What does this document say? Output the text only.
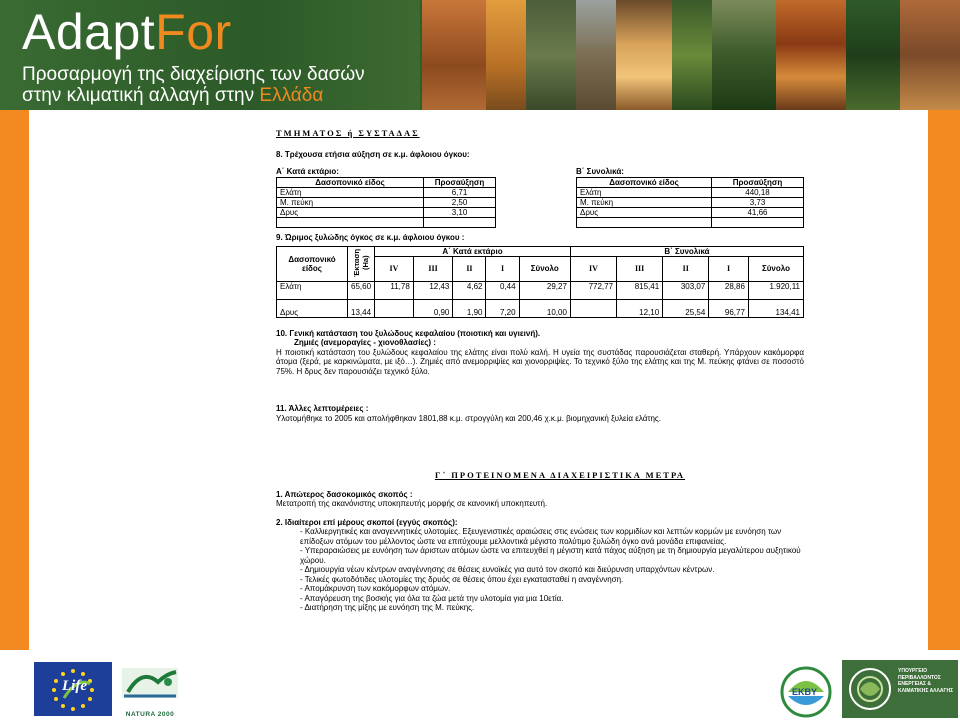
AdaptFor
Προσαρμογή της διαχείρισης των δασών
στην κλιματική αλλαγή στην Ελλάδα
ΤΜΗΜΑΤΟΣ ή ΣΥΣΤΑΔΑΣ
8. Τρέχουσα ετήσια αύξηση σε κ.μ. άφλοιου όγκου:
Α΄ Κατά εκτάριο:
Δασοπονικό είδος	Προσαύξηση
Ελάτη	6,71
Μ. πεύκη	2,50
Δρυς	3,10

Β΄ Συνολικά:
Δασοπονικό είδος	Προσαύξηση
Ελάτη	440,18
Μ. πεύκη	3,73
Δρυς	41,66

9. Ώριμος ξυλώδης όγκος σε κ.μ. άφλοιου όγκου :
Δασοπονικό είδος	Έκταση (Ha)	Α΄ Κατά εκτάριο					Β΄ Συνολικά				
		IV	III	II	I	Σύνολο	IV	III	II	I	Σύνολο
Ελάτη	65,60	11,78	12,43	4,62	0,44	29,27	772,77	815,41	303,07	28,86	1.920,11
Δρυς	13,44		0,90	1,90	7,20	10,00		12,10	25,54	96,77	134,41
10. Γενική κατάσταση του ξυλώδους κεφαλαίου (ποιοτική και υγιεινή).
Ζημιές (ανεμοραγίες - χιονοθλασίες) :

Η ποιοτική κατάσταση του ξυλώδους κεφαλαίου της ελάτης είναι πολύ καλή. Η υγεία της συστάδας παρουσιάζεται σταθερή. Υπάρχουν κακόμορφα άτομα (ξερά, με καρκινώματα, με ιξό…). Ζημιές από ανεμορριψίες και χιονορριψίες. Το τεχνικό ξύλο της ελάτης και της Μ. πεύκης φτάνει σε ποσοστό 75%. Η δρυς δεν παρουσιάζει τεχνικό ξύλο.

11. Άλλες λεπτομέρειες :

Υλοτομήθηκε το 2005 και απολήφθηκαν 1801,88 κ.μ. στρογγύλη και 200,46 χ.κ.μ. βιομηχανική ξυλεία ελάτης.

Γ΄ ΠΡΟΤΕΙΝΟΜΕΝΑ ΔΙΑΧΕΙΡΙΣΤΙΚΑ ΜΕΤΡΑ
1. Απώτερος δασοκομικός σκοπός :

Μετατροπή της ακανόνιστης υποκηπευτής μορφής σε κανονική υποκηπευτή.

2. Ιδιαίτεροι επί μέρους σκοποί (εγγύς σκοπός):
- Καλλιεργητικές και αναγεννητικές υλοτομίες. Εξευγενιστικές αραιώσεις στις ενώσεις των κορμιδίων και λεπτών κορμών με ευνόηση των επίδοξων ατόμων του μέλλοντος ώστε να επιτύχουμε μελλοντικά μέγιστο πολύτιμο ξυλώδη όγκο ανά μονάδα επιφανείας.
- Υπεραραιώσεις με ευνόηση των άριστων ατόμων ώστε να επιτευχθεί η μέγιστη κατά πάχος αύξηση με τη δημιουργία μεγαλύτερου αυξητικού χώρου.
- Δημιουργία νέων κέντρων αναγέννησης σε θέσεις ευνοϊκές για αυτό τον σκοπό και διεύρυνση υπαρχόντων κέντρων.
- Τελικές φωτοδότιδες υλοτομίες της δρυός σε θέσεις όπου έχει εγκατασταθεί η αναγέννηση.
- Απομάκρυνση των κακόμορφων ατόμων.
- Απαγόρευση της βοσκής για όλα τα ζώα μετά την υλοτομία για μια 10ετία.
- Διατήρηση της μίξης με ευνόηση της Μ. πεύκης.
Life
NATURA 2000
ΕΚΒΥ
ΥΠΟΥΡΓΕΙΟ ΠΕΡΙΒΑΛΛΟΝΤΟΣ ΕΝΕΡΓΕΙΑΣ & ΚΛΙΜΑΤΙΚΗΣ ΑΛΛΑΓΗΣ
